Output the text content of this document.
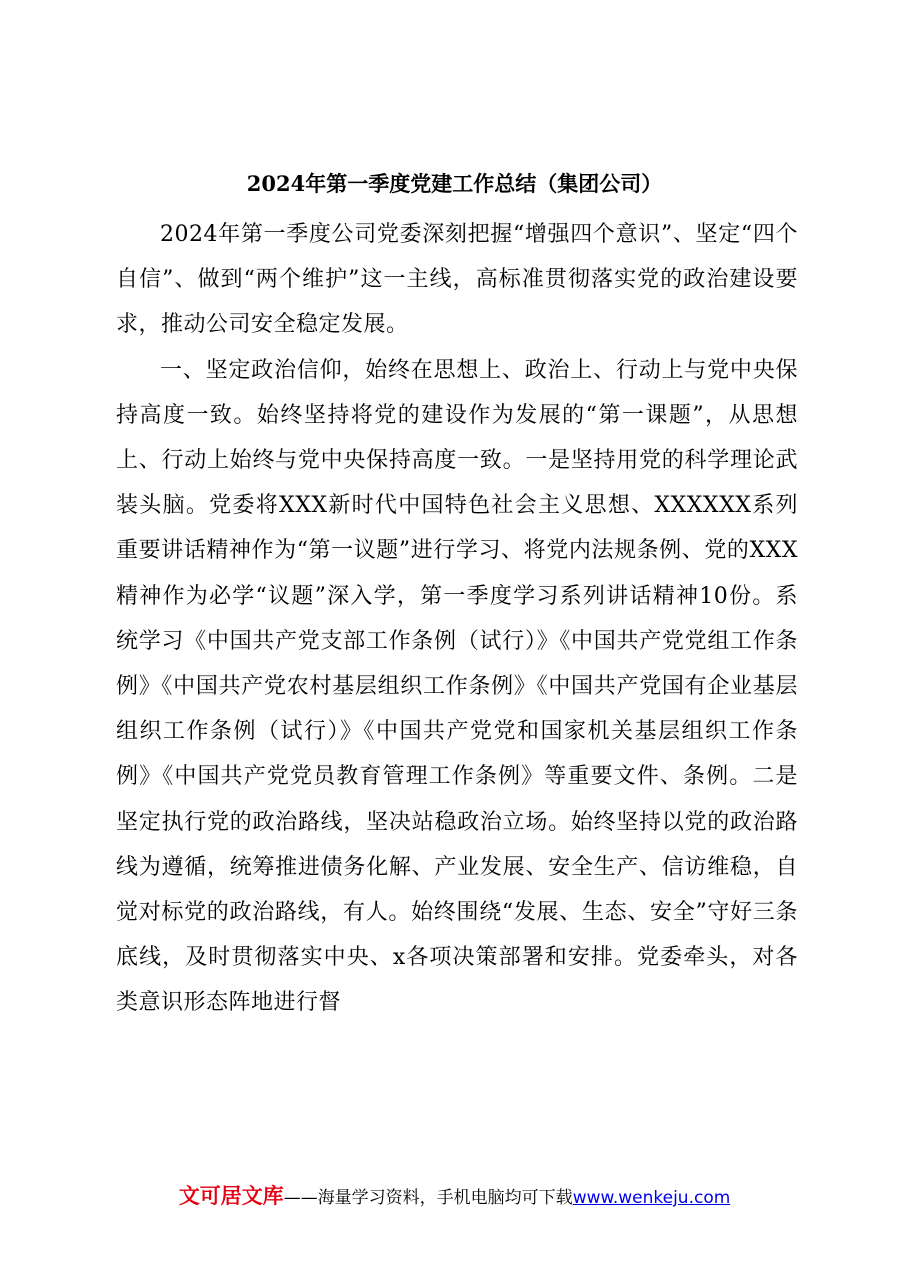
2024年第一季度党建工作总结（集团公司）

2024年第一季度公司党委深刻把握“增强四个意识”、坚定“四个自信”、做到“两个维护”这一主线，高标准贯彻落实党的政治建设要求，推动公司安全稳定发展。

一、坚定政治信仰，始终在思想上、政治上、行动上与党中央保持高度一致。始终坚持将党的建设作为发展的“第一课题”，从思想上、行动上始终与党中央保持高度一致。一是坚持用党的科学理论武装头脑。党委将XXX新时代中国特色社会主义思想、XXXXXX系列重要讲话精神作为“第一议题”进行学习、将党内法规条例、党的XXX精神作为必学“议题”深入学，第一季度学习系列讲话精神10份。系统学习《中国共产党支部工作条例（试行）》《中国共产党党组工作条例》《中国共产党农村基层组织工作条例》《中国共产党国有企业基层组织工作条例（试行）》《中国共产党党和国家机关基层组织工作条例》《中国共产党党员教育管理工作条例》等重要文件、条例。二是坚定执行党的政治路线，坚决站稳政治立场。始终坚持以党的政治路线为遵循，统筹推进债务化解、产业发展、安全生产、信访维稳，自觉对标党的政治路线，有人。始终围绕“发展、生态、安全”守好三条底线，及时贯彻落实中央、x各项决策部署和安排。党委牵头，对各类意识形态阵地进行督

文可居文库——海量学习资料，手机电脑均可下载www.wenkeju.com
